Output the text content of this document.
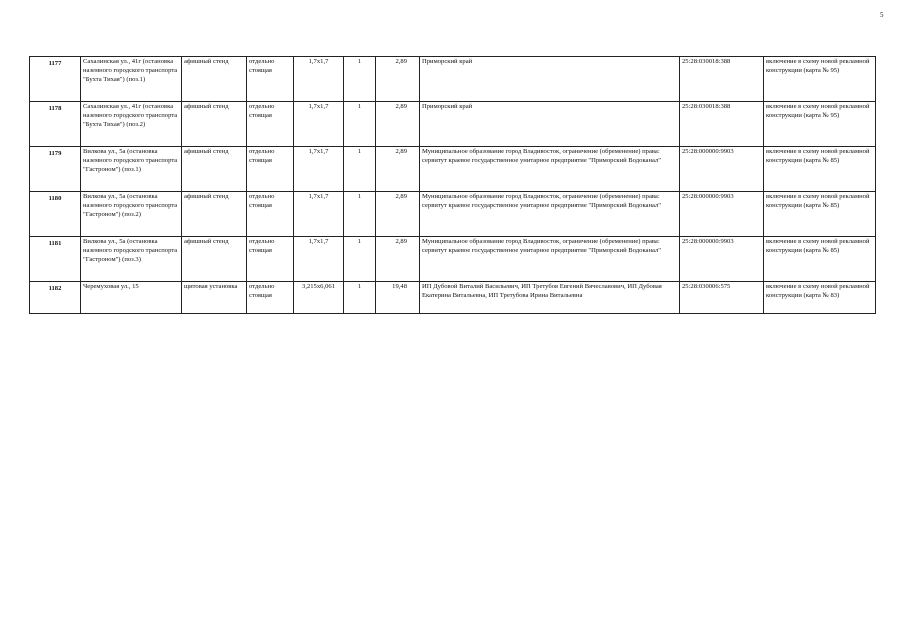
5
1177	Сахалинская ул., 41г (остановка наземного городского транспорта "Бухта Тихая") (поз.1)	афишный стенд	отдельно стоящая	1,7x1,7	1	2,89	Приморский край	25:28:030018:388	включение в схему новой рекламной конструкции (карта № 95)
1178	Сахалинская ул., 41г (остановка наземного городского транспорта "Бухта Тихая") (поз.2)	афишный стенд	отдельно стоящая	1,7x1,7	1	2,89	Приморский край	25:28:030018:388	включение в схему новой рекламной конструкции (карта № 95)
1179	Вилкова ул., 5а (остановка наземного городского транспорта "Гастроном") (поз.1)	афишный стенд	отдельно стоящая	1,7x1,7	1	2,89	Муниципальное образование город Владивосток, ограничение (обременение) права: сервитут краевое государственное унитарное предприятие "Приморский Водоканал"	25:28:000000:9903	включение в схему новой рекламной конструкции (карта № 85)
1180	Вилкова ул., 5а (остановка наземного городского транспорта "Гастроном") (поз.2)	афишный стенд	отдельно стоящая	1,7x1,7	1	2,89	Муниципальное образование город Владивосток, ограничение (обременение) права: сервитут краевое государственное унитарное предприятие "Приморский Водоканал"	25:28:000000:9903	включение в схему новой рекламной конструкции (карта № 85)
1181	Вилкова ул., 5а (остановка наземного городского транспорта "Гастроном") (поз.3)	афишный стенд	отдельно стоящая	1,7x1,7	1	2,89	Муниципальное образование город Владивосток, ограничение (обременение) права: сервитут краевое государственное унитарное предприятие "Приморский Водоканал"	25:28:000000:9903	включение в схему новой рекламной конструкции (карта № 85)
1182	Черемуховая ул., 15	щитовая установка	отдельно стоящая	3,215x6,061	1	19,48	ИП Дубовой Виталий Васильевич, ИП Третубов Евгений Вячеславович, ИП Дубовая Екатерина Витальевна, ИП Третубова Ирина Витальевна	25:28:030006:575	включение в схему новой рекламной конструкции (карта № 83)
